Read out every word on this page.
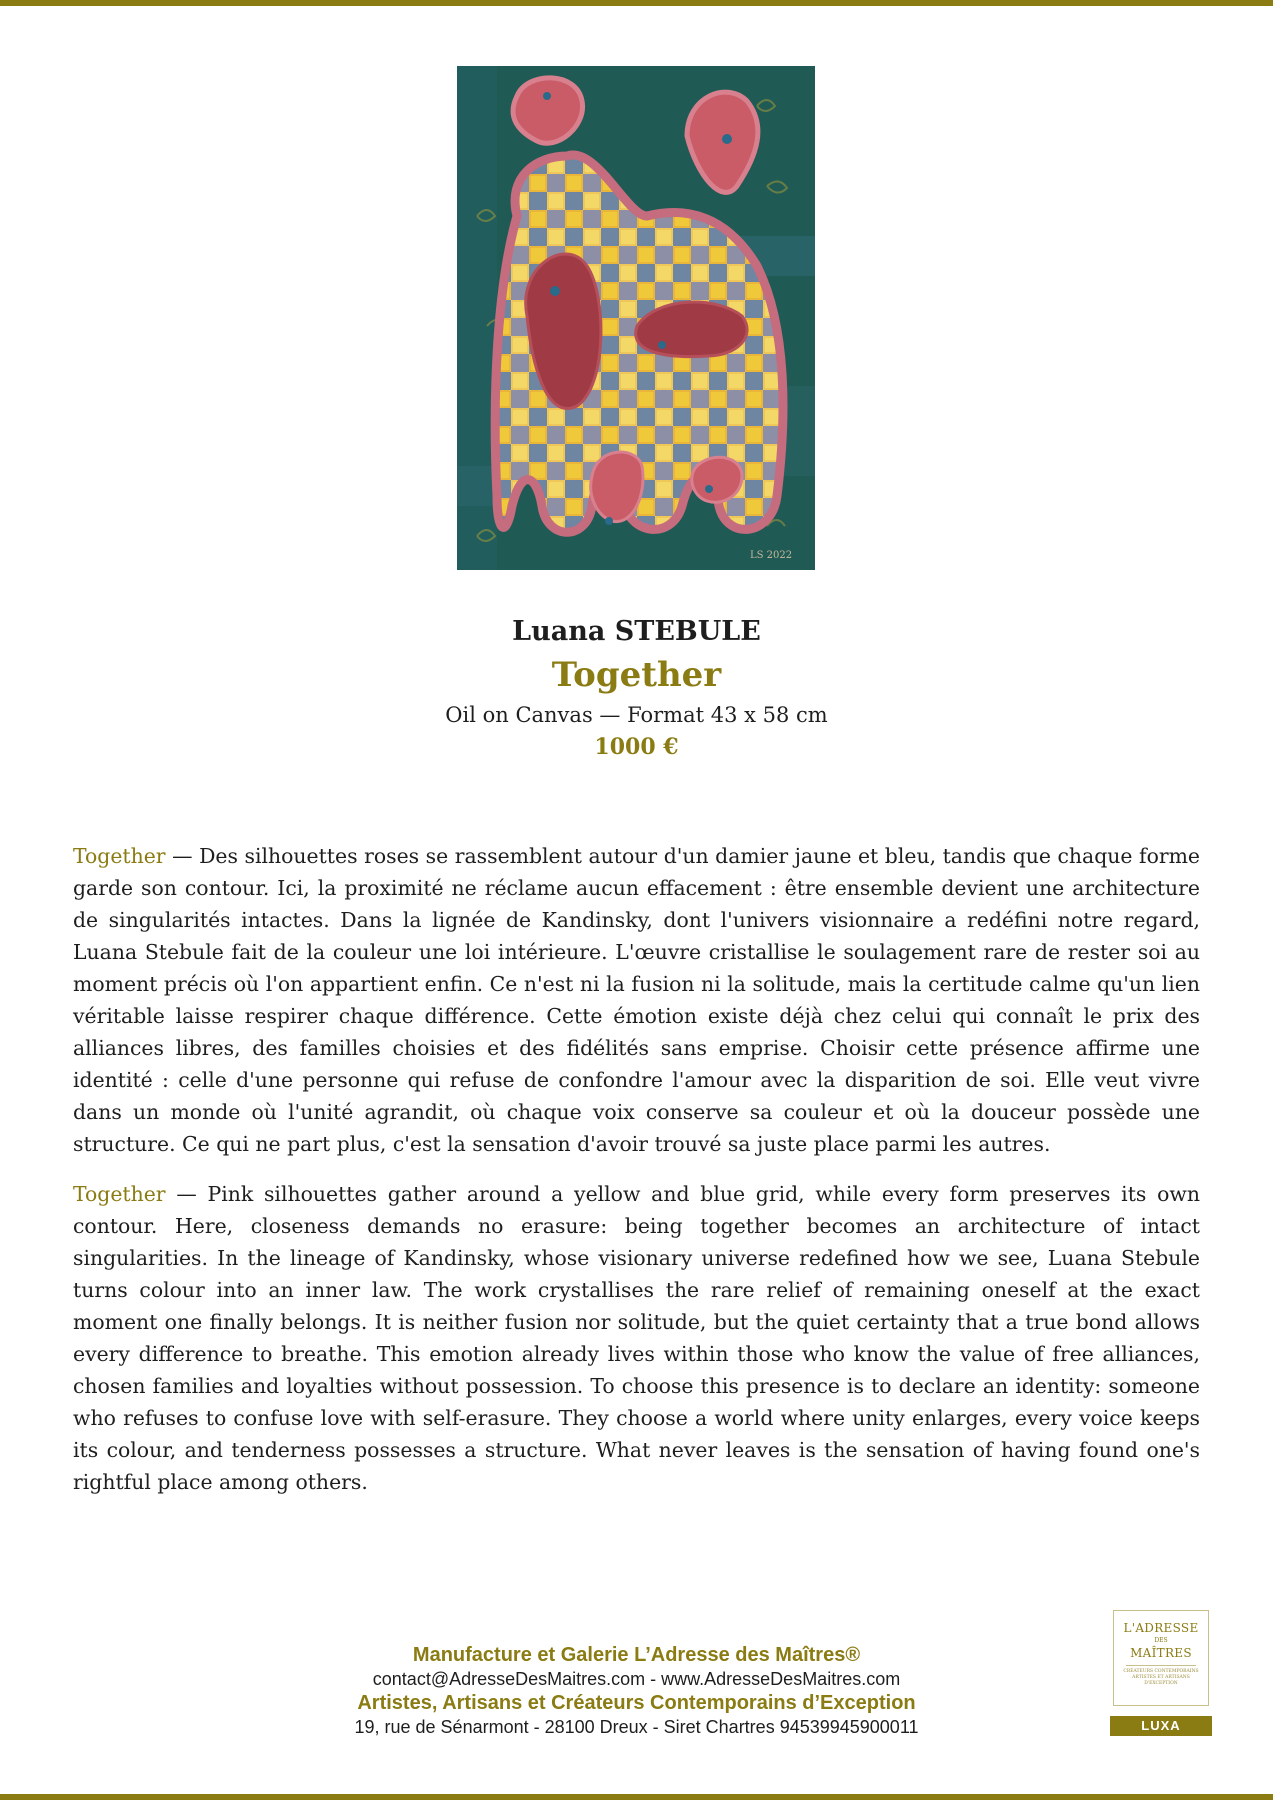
LS 2022
Luana STEBULE
Together
Oil on Canvas — Format 43 x 58 cm
1000 €

Together — Des silhouettes roses se rassemblent autour d'un damier jaune et bleu, tandis que chaque forme garde son contour. Ici, la proximité ne réclame aucun effacement : être ensemble devient une architecture de singularités intactes. Dans la lignée de Kandinsky, dont l'univers visionnaire a redéfini notre regard, Luana Stebule fait de la couleur une loi intérieure. L'œuvre cristallise le soulagement rare de rester soi au moment précis où l'on appartient enfin. Ce n'est ni la fusion ni la solitude, mais la certitude calme qu'un lien véritable laisse respirer chaque différence. Cette émotion existe déjà chez celui qui connaît le prix des alliances libres, des familles choisies et des fidélités sans emprise. Choisir cette présence affirme une identité : celle d'une personne qui refuse de confondre l'amour avec la disparition de soi. Elle veut vivre dans un monde où l'unité agrandit, où chaque voix conserve sa couleur et où la douceur possède une structure. Ce qui ne part plus, c'est la sensation d'avoir trouvé sa juste place parmi les autres.

Together — Pink silhouettes gather around a yellow and blue grid, while every form preserves its own contour. Here, closeness demands no erasure: being together becomes an architecture of intact singularities. In the lineage of Kandinsky, whose visionary universe redefined how we see, Luana Stebule turns colour into an inner law. The work crystallises the rare relief of remaining oneself at the exact moment one finally belongs. It is neither fusion nor solitude, but the quiet certainty that a true bond allows every difference to breathe. This emotion already lives within those who know the value of free alliances, chosen families and loyalties without possession. To choose this presence is to declare an identity: someone who refuses to confuse love with self-erasure. They choose a world where unity enlarges, every voice keeps its colour, and tenderness possesses a structure. What never leaves is the sensation of having found one's rightful place among others.

Manufacture et Galerie L’Adresse des Maîtres®
contact@AdresseDesMaitres.com - www.AdresseDesMaitres.com
Artistes, Artisans et Créateurs Contemporains d’Exception
19, rue de Sénarmont - 28100 Dreux - Siret Chartres 94539945900011
L'ADRESSE
DES
MAÎTRES
CRÉATEURS CONTEMPORAINS ARTISTES ET ARTISANS D'EXCEPTION
LUXA
